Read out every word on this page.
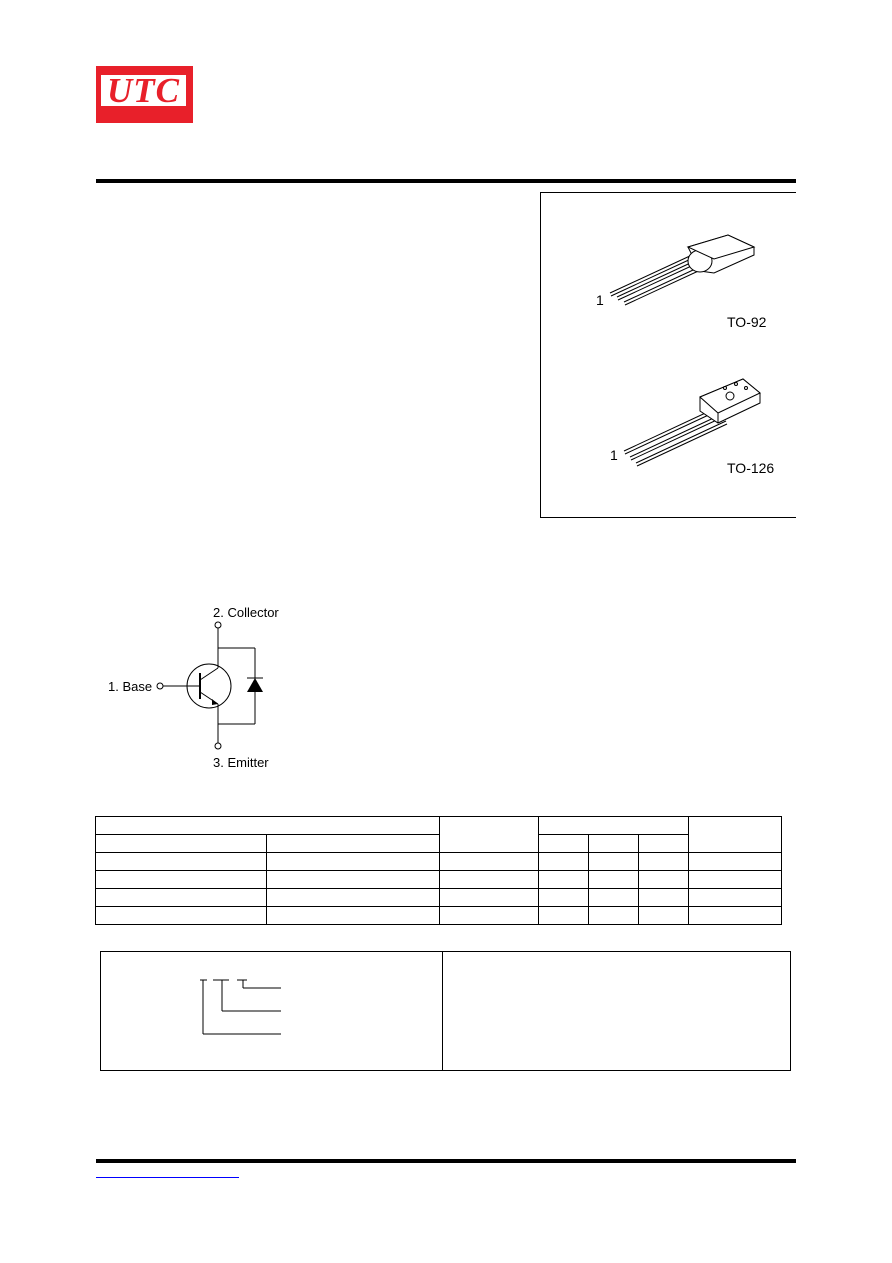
UTC
1
TO-92
1
TO-126
2. Collector
1. Base
3. Emitter
